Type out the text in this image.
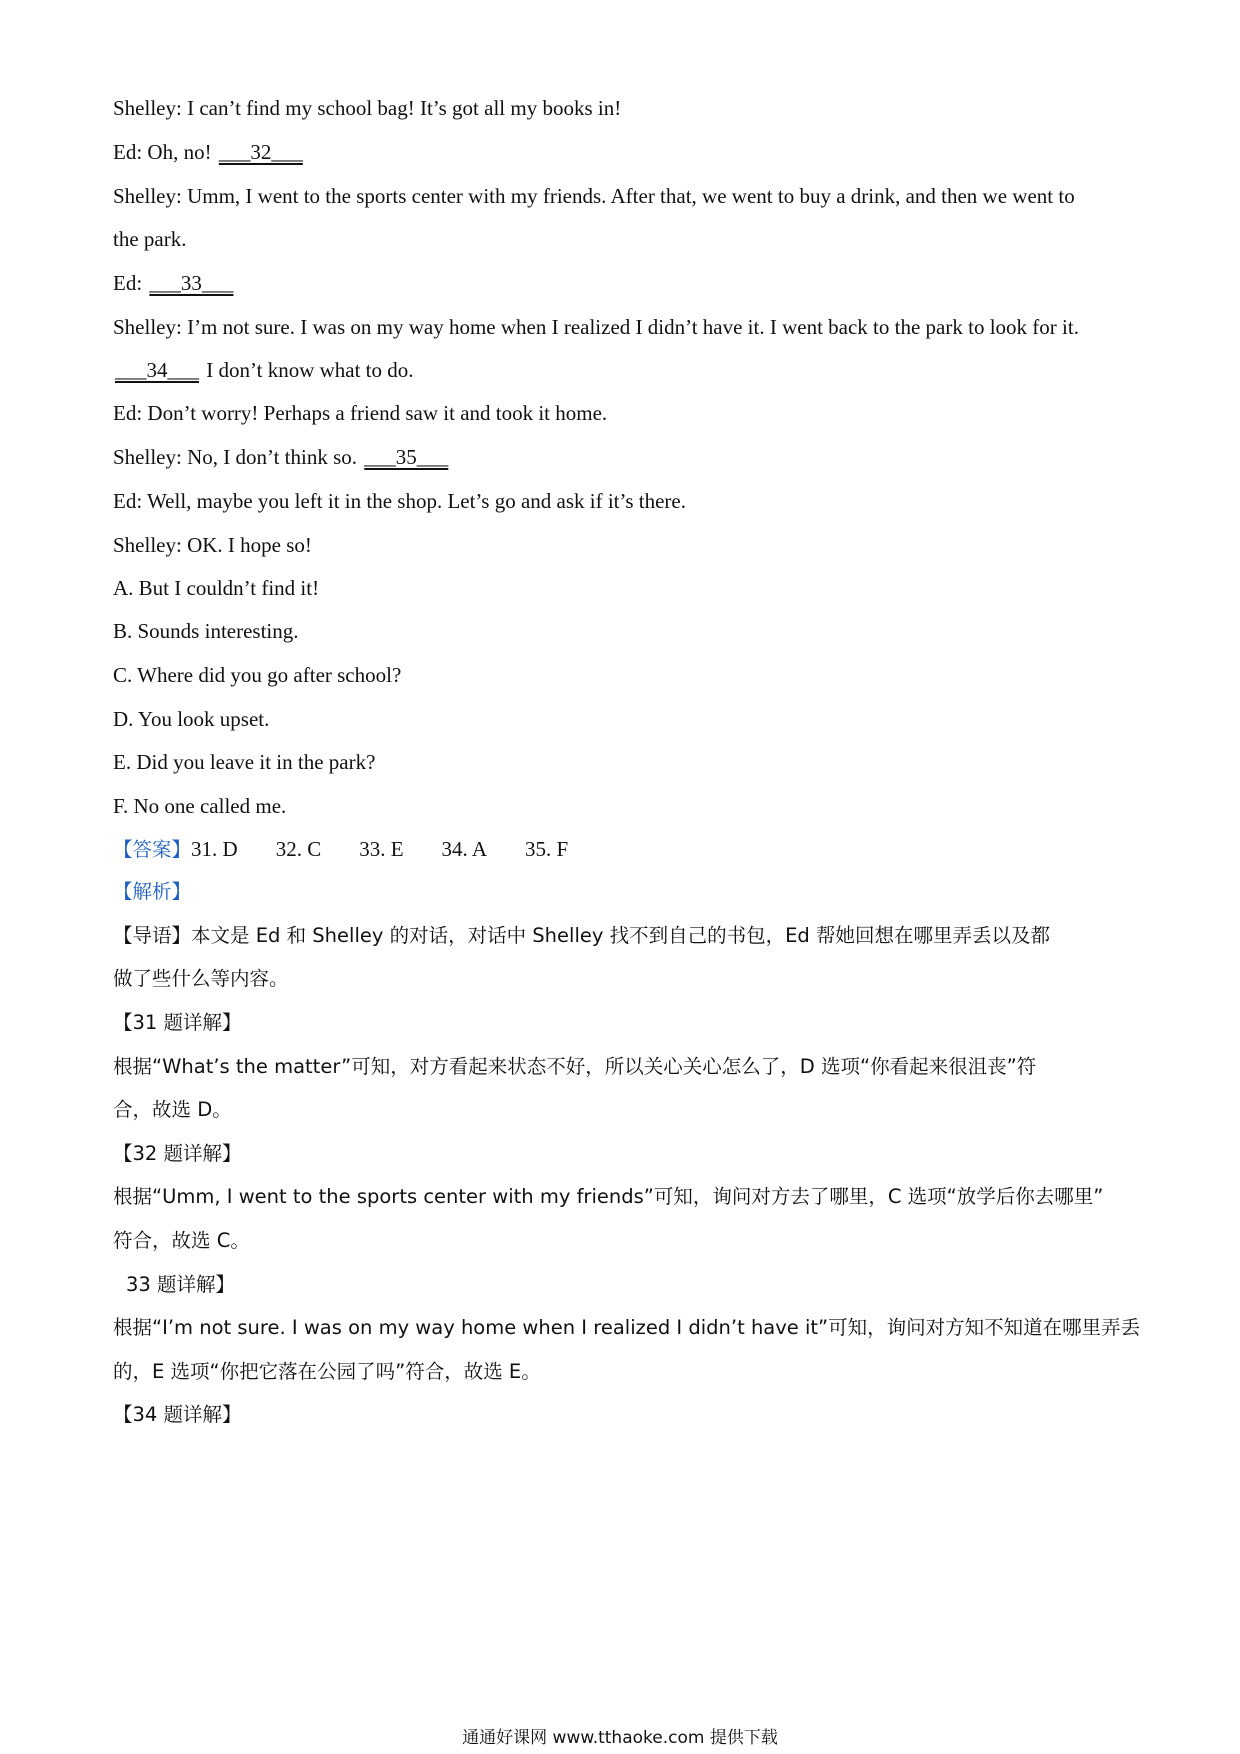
Shelley: I can’t find my school bag! It’s got all my books in!
Ed: Oh, no! ___32___
Shelley: Umm, I went to the sports center with my friends. After that, we went to buy a drink, and then we went to
the park.
Ed: ___33___
Shelley: I’m not sure. I was on my way home when I realized I didn’t have it. I went back to the park to look for it.
___34___ I don’t know what to do.
Ed: Don’t worry! Perhaps a friend saw it and took it home.
Shelley: No, I don’t think so. ___35___
Ed: Well, maybe you left it in the shop. Let’s go and ask if it’s there.
Shelley: OK. I hope so!
A. But I couldn’t find it!
B. Sounds interesting.
C. Where did you go after school?
D. You look upset.
E. Did you leave it in the park?
F. No one called me.
【答案】31. D 32. C 33. E 34. A 35. F
【解析】
【导语】本文是 Ed 和 Shelley 的对话，对话中 Shelley 找不到自己的书包，Ed 帮她回想在哪里弄丢以及都
做了些什么等内容。
【31 题详解】
根据“What’s the matter”可知，对方看起来状态不好，所以关心关心怎么了，D 选项“你看起来很沮丧”符
合，故选 D。
【32 题详解】
根据“Umm, I went to the sports center with my friends”可知，询问对方去了哪里，C 选项“放学后你去哪里”
符合，故选 C。
33 题详解】
根据“I’m not sure. I was on my way home when I realized I didn’t have it”可知，询问对方知不知道在哪里弄丢
的，E 选项“你把它落在公园了吗”符合，故选 E。
【34 题详解】
通通好课网 www.tthaoke.com 提供下载
